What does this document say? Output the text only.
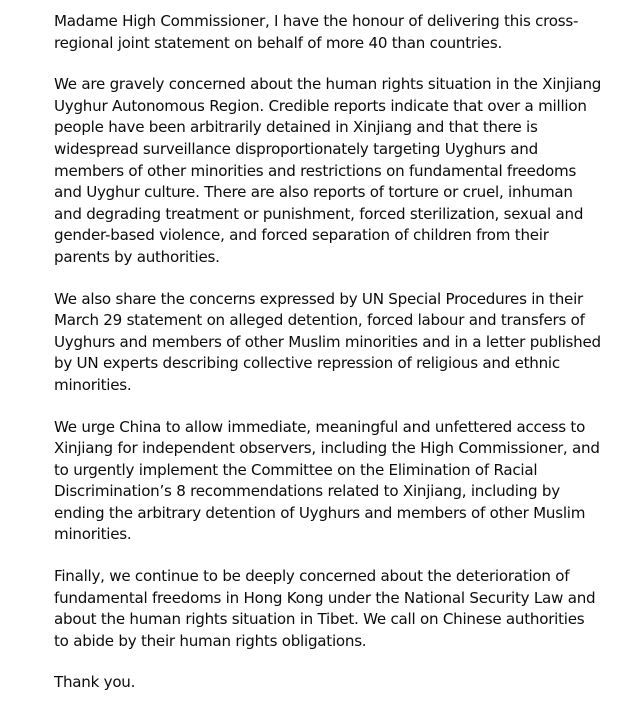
Madame High Commissioner, I have the honour of delivering this cross-regional joint statement on behalf of more 40 than countries.

We are gravely concerned about the human rights situation in the Xinjiang Uyghur Autonomous Region. Credible reports indicate that over a million people have been arbitrarily detained in Xinjiang and that there is widespread surveillance disproportionately targeting Uyghurs and members of other minorities and restrictions on fundamental freedoms and Uyghur culture. There are also reports of torture or cruel, inhuman and degrading treatment or punishment, forced sterilization, sexual and gender-based violence, and forced separation of children from their parents by authorities.

We also share the concerns expressed by UN Special Procedures in their March 29 statement on alleged detention, forced labour and transfers of Uyghurs and members of other Muslim minorities and in a letter published by UN experts describing collective repression of religious and ethnic minorities.

We urge China to allow immediate, meaningful and unfettered access to Xinjiang for independent observers, including the High Commissioner, and to urgently implement the Committee on the Elimination of Racial Discrimination’s 8 recommendations related to Xinjiang, including by ending the arbitrary detention of Uyghurs and members of other Muslim minorities.

Finally, we continue to be deeply concerned about the deterioration of fundamental freedoms in Hong Kong under the National Security Law and about the human rights situation in Tibet. We call on Chinese authorities to abide by their human rights obligations.

Thank you.
